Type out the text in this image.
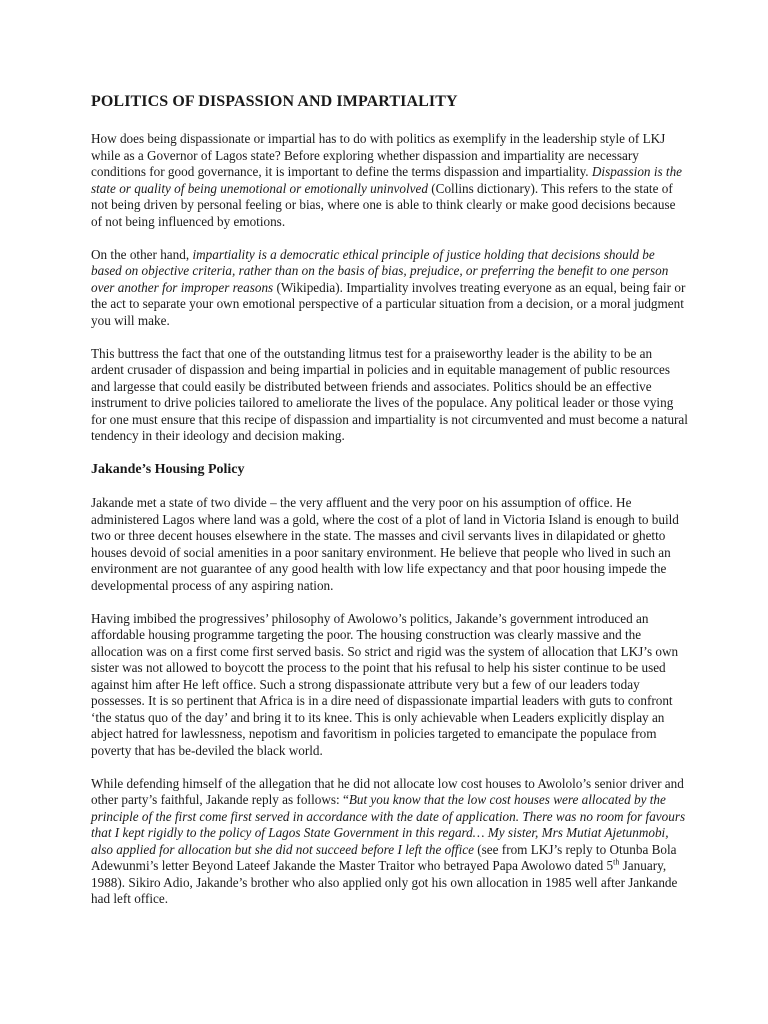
POLITICS OF DISPASSION AND IMPARTIALITY

How does being dispassionate or impartial has to do with politics as exemplify in the leadership style of LKJ while as a Governor of Lagos state? Before exploring whether dispassion and impartiality are necessary conditions for good governance, it is important to define the terms dispassion and impartiality. Dispassion is the state or quality of being unemotional or emotionally uninvolved (Collins dictionary). This refers to the state of not being driven by personal feeling or bias, where one is able to think clearly or make good decisions because of not being influenced by emotions.

On the other hand, impartiality is a democratic ethical principle of justice holding that decisions should be based on objective criteria, rather than on the basis of bias, prejudice, or preferring the benefit to one person over another for improper reasons (Wikipedia). Impartiality involves treating everyone as an equal, being fair or the act to separate your own emotional perspective of a particular situation from a decision, or a moral judgment you will make.

This buttress the fact that one of the outstanding litmus test for a praiseworthy leader is the ability to be an ardent crusader of dispassion and being impartial in policies and in equitable management of public resources and largesse that could easily be distributed between friends and associates. Politics should be an effective instrument to drive policies tailored to ameliorate the lives of the populace. Any political leader or those vying for one must ensure that this recipe of dispassion and impartiality is not circumvented and must become a natural tendency in their ideology and decision making.

Jakande’s Housing Policy

Jakande met a state of two divide – the very affluent and the very poor on his assumption of office. He administered Lagos where land was a gold, where the cost of a plot of land in Victoria Island is enough to build two or three decent houses elsewhere in the state. The masses and civil servants lives in dilapidated or ghetto houses devoid of social amenities in a poor sanitary environment. He believe that people who lived in such an environment are not guarantee of any good health with low life expectancy and that poor housing impede the developmental process of any aspiring nation.

Having imbibed the progressives’ philosophy of Awolowo’s politics, Jakande’s government introduced an affordable housing programme targeting the poor. The housing construction was clearly massive and the allocation was on a first come first served basis. So strict and rigid was the system of allocation that LKJ’s own sister was not allowed to boycott the process to the point that his refusal to help his sister continue to be used against him after He left office. Such a strong dispassionate attribute very but a few of our leaders today possesses. It is so pertinent that Africa is in a dire need of dispassionate impartial leaders with guts to confront ‘the status quo of the day’ and bring it to its knee. This is only achievable when Leaders explicitly display an abject hatred for lawlessness, nepotism and favoritism in policies targeted to emancipate the populace from poverty that has be-deviled the black world.

While defending himself of the allegation that he did not allocate low cost houses to Awololo’s senior driver and other party’s faithful, Jakande reply as follows: “But you know that the low cost houses were allocated by the principle of the first come first served in accordance with the date of application. There was no room for favours that I kept rigidly to the policy of Lagos State Government in this regard… My sister, Mrs Mutiat Ajetunmobi, also applied for allocation but she did not succeed before I left the office (see from LKJ’s reply to Otunba Bola Adewunmi’s letter Beyond Lateef Jakande the Master Traitor who betrayed Papa Awolowo dated 5th January, 1988). Sikiro Adio, Jakande’s brother who also applied only got his own allocation in 1985 well after Jankande had left office.
